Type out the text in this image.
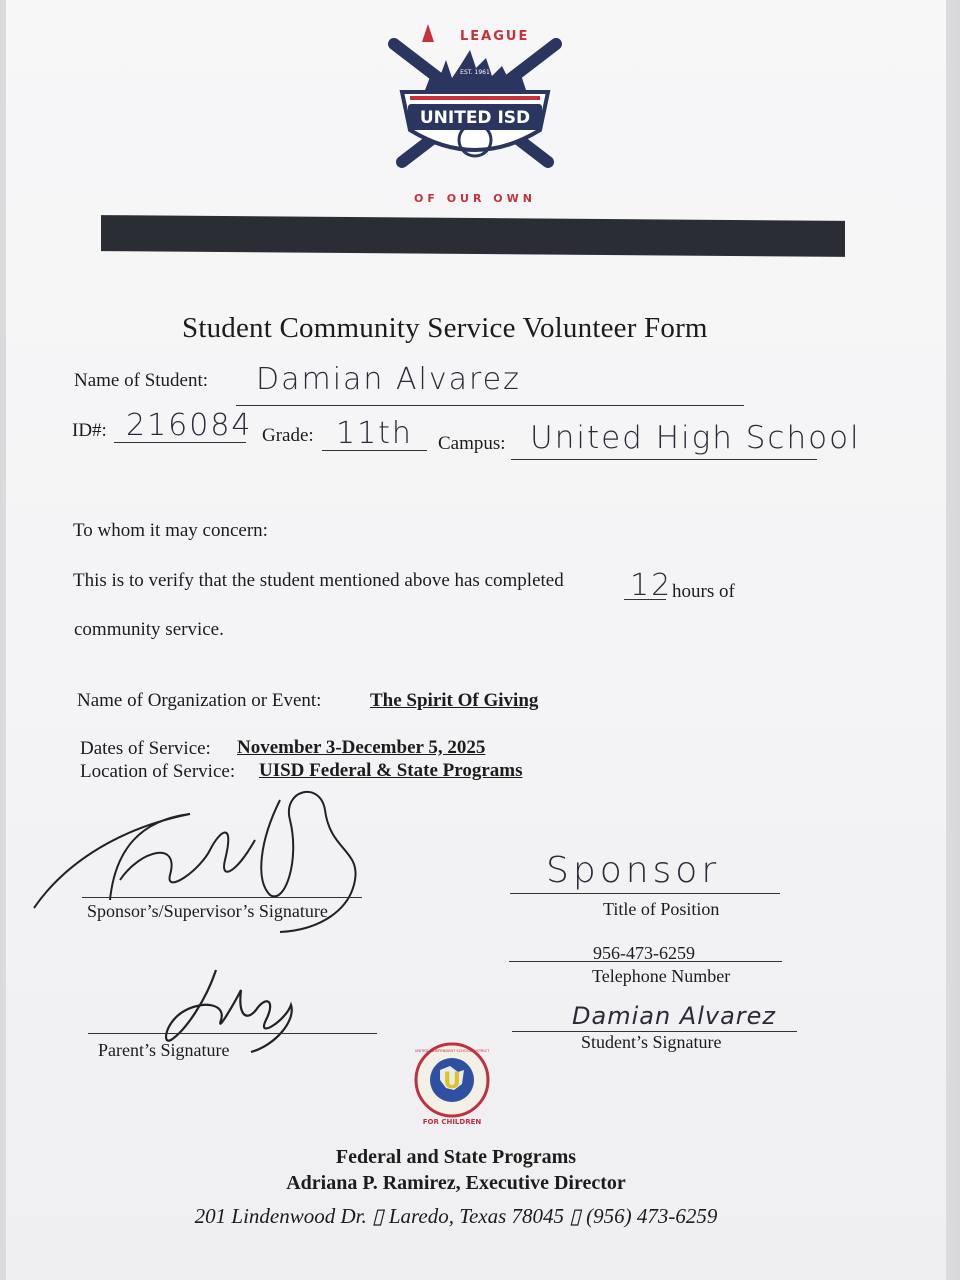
LEAGUE
EST. 1961
UNITED ISD
OF OUR OWN
Student Community Service Volunteer Form
Name of Student: Damian Alvarez
ID#: 216084 Grade: 11th Campus: United High School
To whom it may concern:
This is to verify that the student mentioned above has completed 12 hours of
community service.
Name of Organization or Event:	The Spirit Of Giving
Dates of Service: November 3-December 5, 2025
Location of Service: UISD Federal & State Programs
Sponsor’s/Supervisor’s Signature
Sponsor
Title of Position
956-473-6259
Telephone Number
Parent’s Signature
Damian Alvarez
Student’s Signature
U
UNITED INDEPENDENT SCHOOL DISTRICT
FOR CHILDREN
Federal and State Programs
Adriana P. Ramirez, Executive Director
201 Lindenwood Dr. ▯ Laredo, Texas 78045 ▯ (956) 473-6259
